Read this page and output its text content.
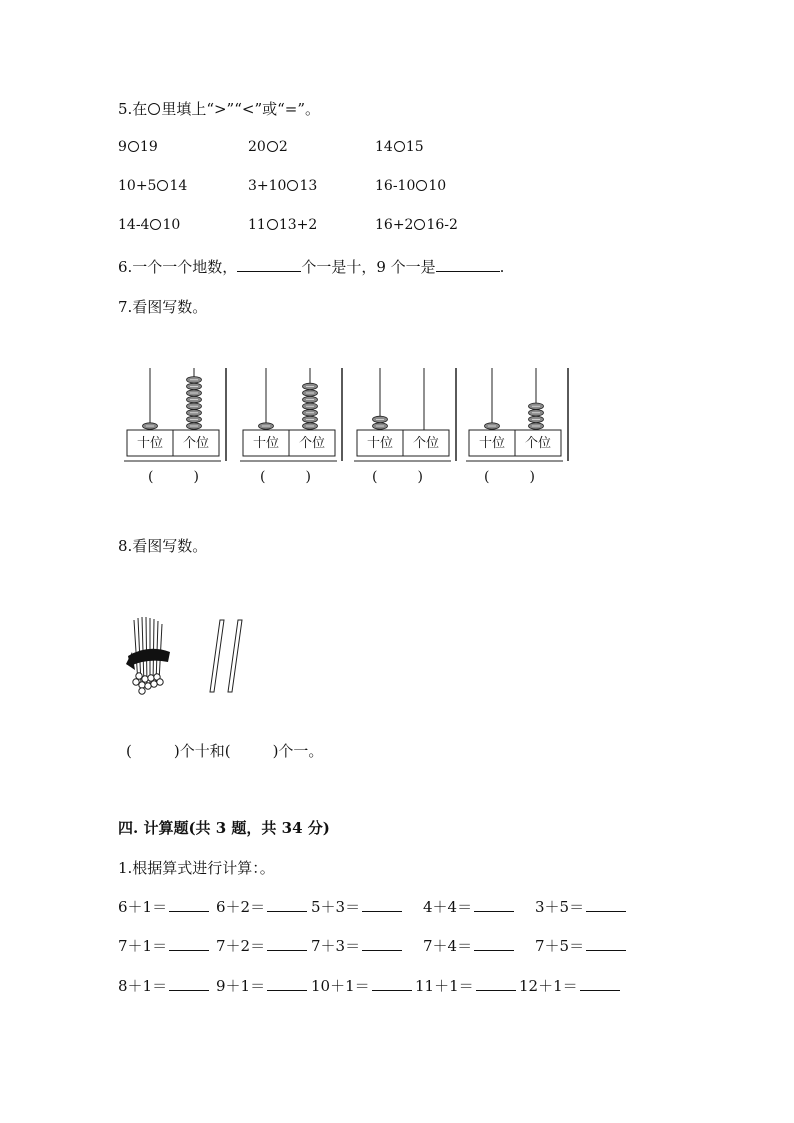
5.在 里填上“>”“<”或“=”。
9 19	20 2	14 15
10+5 14	3+10 13	16-10 10
14-4 10	11 13+2	16+2 16-2
6.一个一个地数，	个一是十，9 个一是	.
7.看图写数。
十位	个位	十位	个位	十位	个位	十位	个位
(	)	(	)	(	)	(	)
8.看图写数。
(	)个十和(	)个一。
四. 计算题(共 3 题，共 34 分)
1.根据算式进行计算：。
6＋1＝	6＋2＝	5＋3＝	4＋4＝	3＋5＝
7＋1＝	7＋2＝	7＋3＝	7＋4＝	7＋5＝
8＋1＝	9＋1＝	10＋1＝	11＋1＝	12＋1＝
